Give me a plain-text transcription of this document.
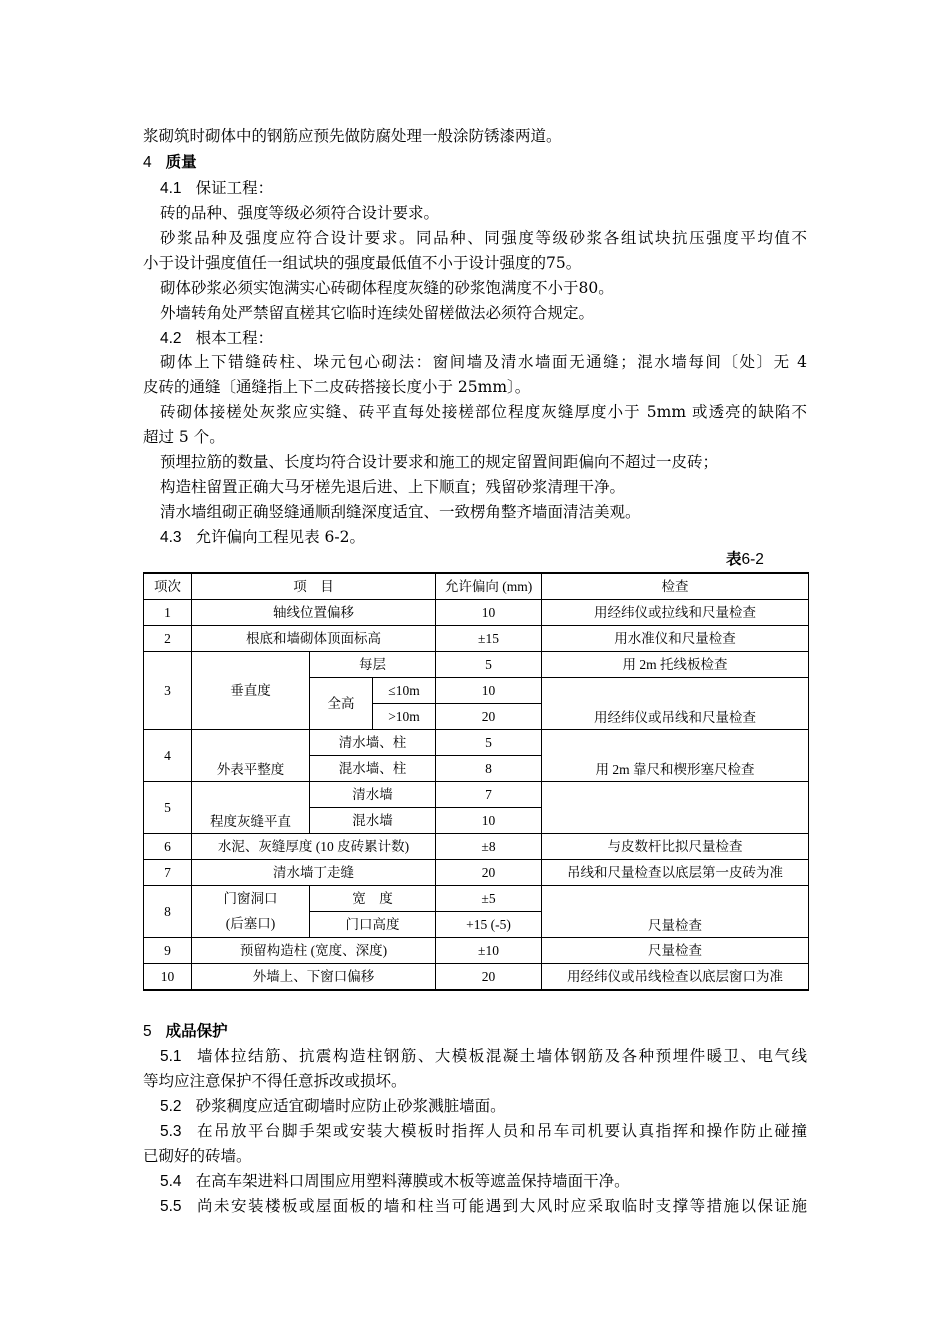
浆砌筑时砌体中的钢筋应预先做防腐处理一般涂防锈漆两道。
4 质量
4.1 保证工程：
砖的品种、强度等级必须符合设计要求。
砂浆品种及强度应符合设计要求。同品种、同强度等级砂浆各组试块抗压强度平均值不
小于设计强度值任一组试块的强度最低值不小于设计强度的75。
砌体砂浆必须实饱满实心砖砌体程度灰缝的砂浆饱满度不小于80。
外墙转角处严禁留直槎其它临时连续处留槎做法必须符合规定。
4.2 根本工程：
砌体上下错缝砖柱、垛元包心砌法：窗间墙及清水墙面无通缝；混水墙每间〔处〕无 4
皮砖的通缝〔通缝指上下二皮砖搭接长度小于 25mm〕。
砖砌体接槎处灰浆应实缝、砖平直每处接槎部位程度灰缝厚度小于 5mm 或透亮的缺陷不
超过 5 个。
预埋拉筋的数量、长度均符合设计要求和施工的规定留置间距偏向不超过一皮砖；
构造柱留置正确大马牙槎先退后进、上下顺直；残留砂浆清理干净。
清水墙组砌正确竖缝通顺刮缝深度适宜、一致楞角整齐墙面清洁美观。
4.3 允许偏向工程见表 6-2。
表6-2
项次	项　目			允许偏向 (mm)	检查
1	轴线位置偏移			10	用经纬仪或拉线和尺量检查
2	根底和墙砌体顶面标高			±15	用水准仪和尺量检查
3	垂直度	每层		5	用 2m 托线板检查
		全高	≤10m	10	用经纬仪或吊线和尺量检查
			>10m	20	
4	外表平整度	清水墙、柱		5	用 2m 靠尺和楔形塞尺检查
		混水墙、柱		8	
5	程度灰缝平直	清水墙		7	
		混水墙		10	
6	水泥、灰缝厚度 (10 皮砖累计数)			±8	与皮数杆比拟尺量检查
7	清水墙丁走缝			20	吊线和尺量检查以底层第一皮砖为准
8	门窗洞口	宽　度		±5	尺量检查
	(后塞口)	门口高度		+15 (-5)	
9	预留构造柱 (宽度、深度)			±10	尺量检查
10	外墙上、下窗口偏移			20	用经纬仪或吊线检查以底层窗口为准
5 成品保护
5.1 墙体拉结筋、抗震构造柱钢筋、大模板混凝土墙体钢筋及各种预埋件暖卫、电气线
等均应注意保护不得任意拆改或损坏。
5.2 砂浆稠度应适宜砌墙时应防止砂浆溅脏墙面。
5.3 在吊放平台脚手架或安装大模板时指挥人员和吊车司机要认真指挥和操作防止碰撞
已砌好的砖墙。
5.4 在高车架进料口周围应用塑料薄膜或木板等遮盖保持墙面干净。
5.5 尚未安装楼板或屋面板的墙和柱当可能遇到大风时应采取临时支撑等措施以保证施
